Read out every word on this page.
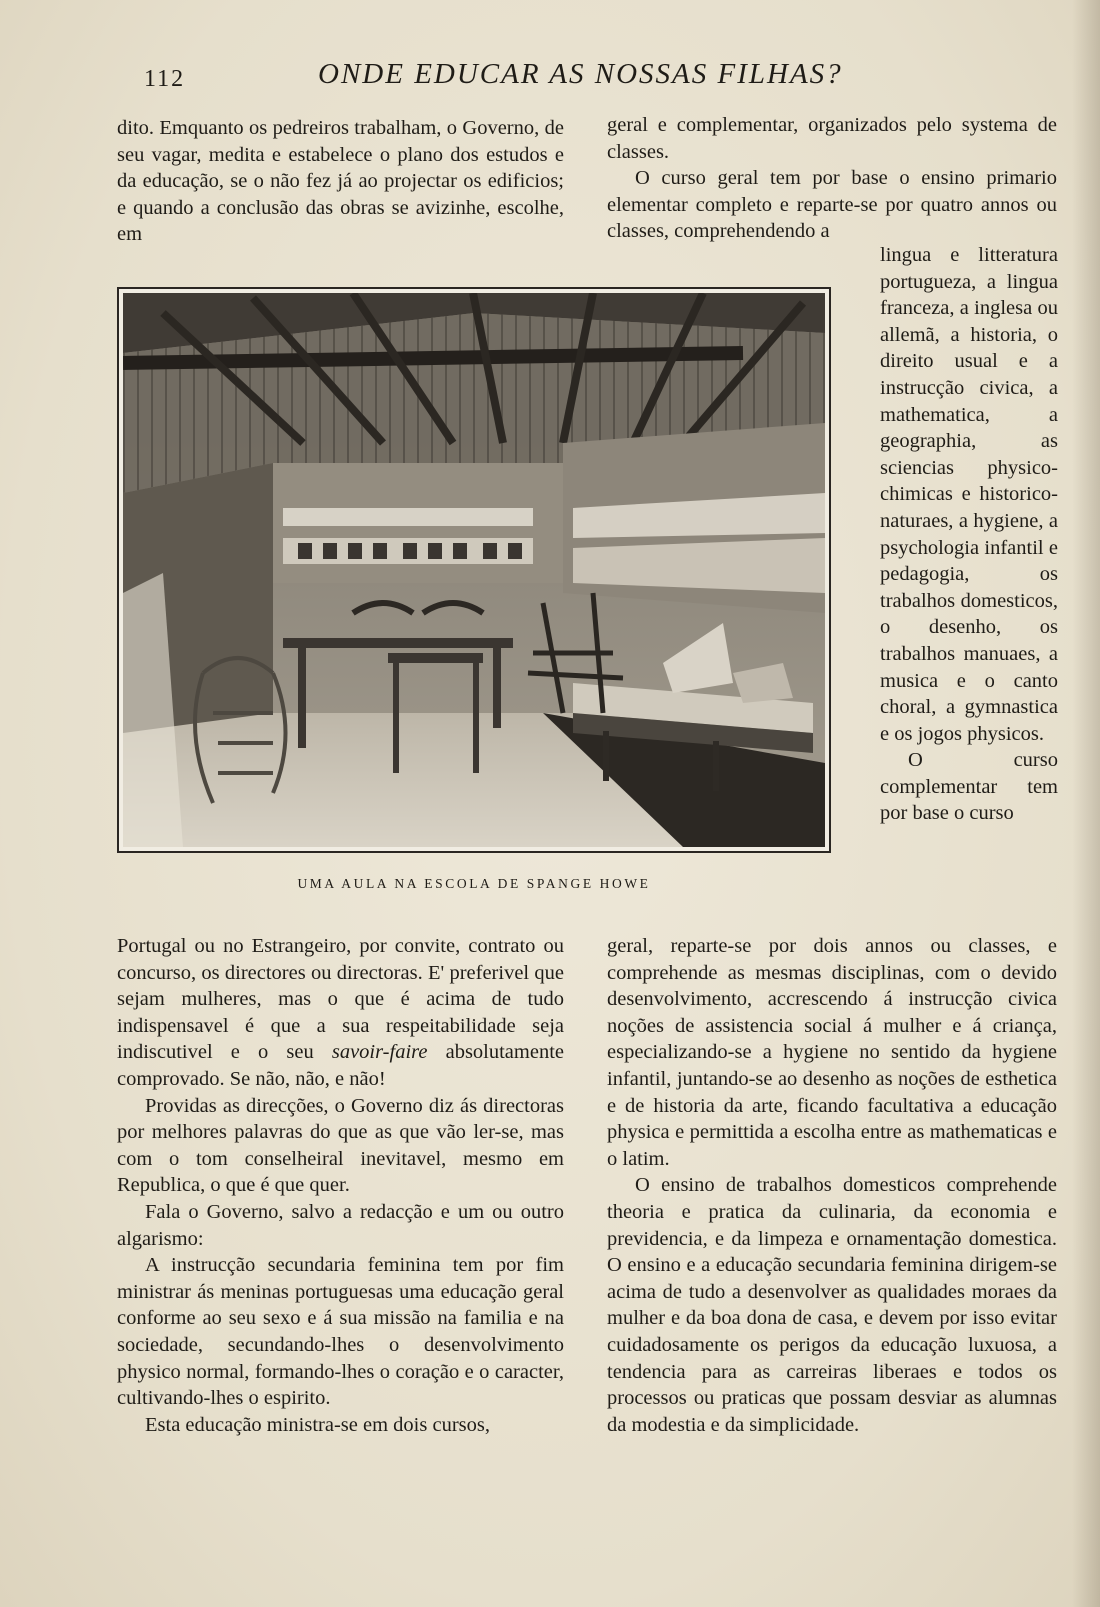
112	ONDE EDUCAR AS NOSSAS FILHAS?

dito. Emquanto os pedreiros trabalham, o Governo, de seu vagar, medita e estabelece o plano dos estudos e da educação, se o não fez já ao projectar os edificios; e quando a conclusão das obras se avizinhe, escolhe, em

geral e complementar, organizados pelo systema de classes.

O curso geral tem por base o ensino primario elementar completo e reparte-se por quatro annos ou classes, comprehendendo a

lingua e litteratura portugueza, a lingua franceza, a inglesa ou allemã, a historia, o direito usual e a instrucção civica, a mathematica, a geographia, as sciencias physico-chimicas e historico-naturaes, a hygiene, a psychologia infantil e pedagogia, os trabalhos domesticos, o desenho, os trabalhos manuaes, a musica e o canto choral, a gymnastica e os jogos physicos.

O curso complementar tem por base o curso

UMA AULA NA ESCOLA DE SPANGE HOWE

Portugal ou no Estrangeiro, por convite, contrato ou concurso, os directores ou directoras. E' preferivel que sejam mulheres, mas o que é acima de tudo indispensavel é que a sua respeitabilidade seja indiscutivel e o seu savoir-faire absolutamente comprovado. Se não, não, e não!

Providas as direcções, o Governo diz ás directoras por melhores palavras do que as que vão ler-se, mas com o tom conselheiral inevitavel, mesmo em Republica, o que é que quer.

Fala o Governo, salvo a redacção e um ou outro algarismo:

A instrucção secundaria feminina tem por fim ministrar ás meninas portuguesas uma educação geral conforme ao seu sexo e á sua missão na familia e na sociedade, secundando-lhes o desenvolvimento physico normal, formando-lhes o coração e o caracter, cultivando-lhes o espirito.

Esta educação ministra-se em dois cursos,

geral, reparte-se por dois annos ou classes, e comprehende as mesmas disciplinas, com o devido desenvolvimento, accrescendo á instrucção civica noções de assistencia social á mulher e á criança, especializando-se a hygiene no sentido da hygiene infantil, juntando-se ao desenho as noções de esthetica e de historia da arte, ficando facultativa a educação physica e permittida a escolha entre as mathematicas e o latim.

O ensino de trabalhos domesticos comprehende theoria e pratica da culinaria, da economia e previdencia, e da limpeza e ornamentação domestica. O ensino e a educação secundaria feminina dirigem-se acima de tudo a desenvolver as qualidades moraes da mulher e da boa dona de casa, e devem por isso evitar cuidadosamente os perigos da educação luxuosa, a tendencia para as carreiras liberaes e todos os processos ou praticas que possam desviar as alumnas da modestia e da simplicidade.
